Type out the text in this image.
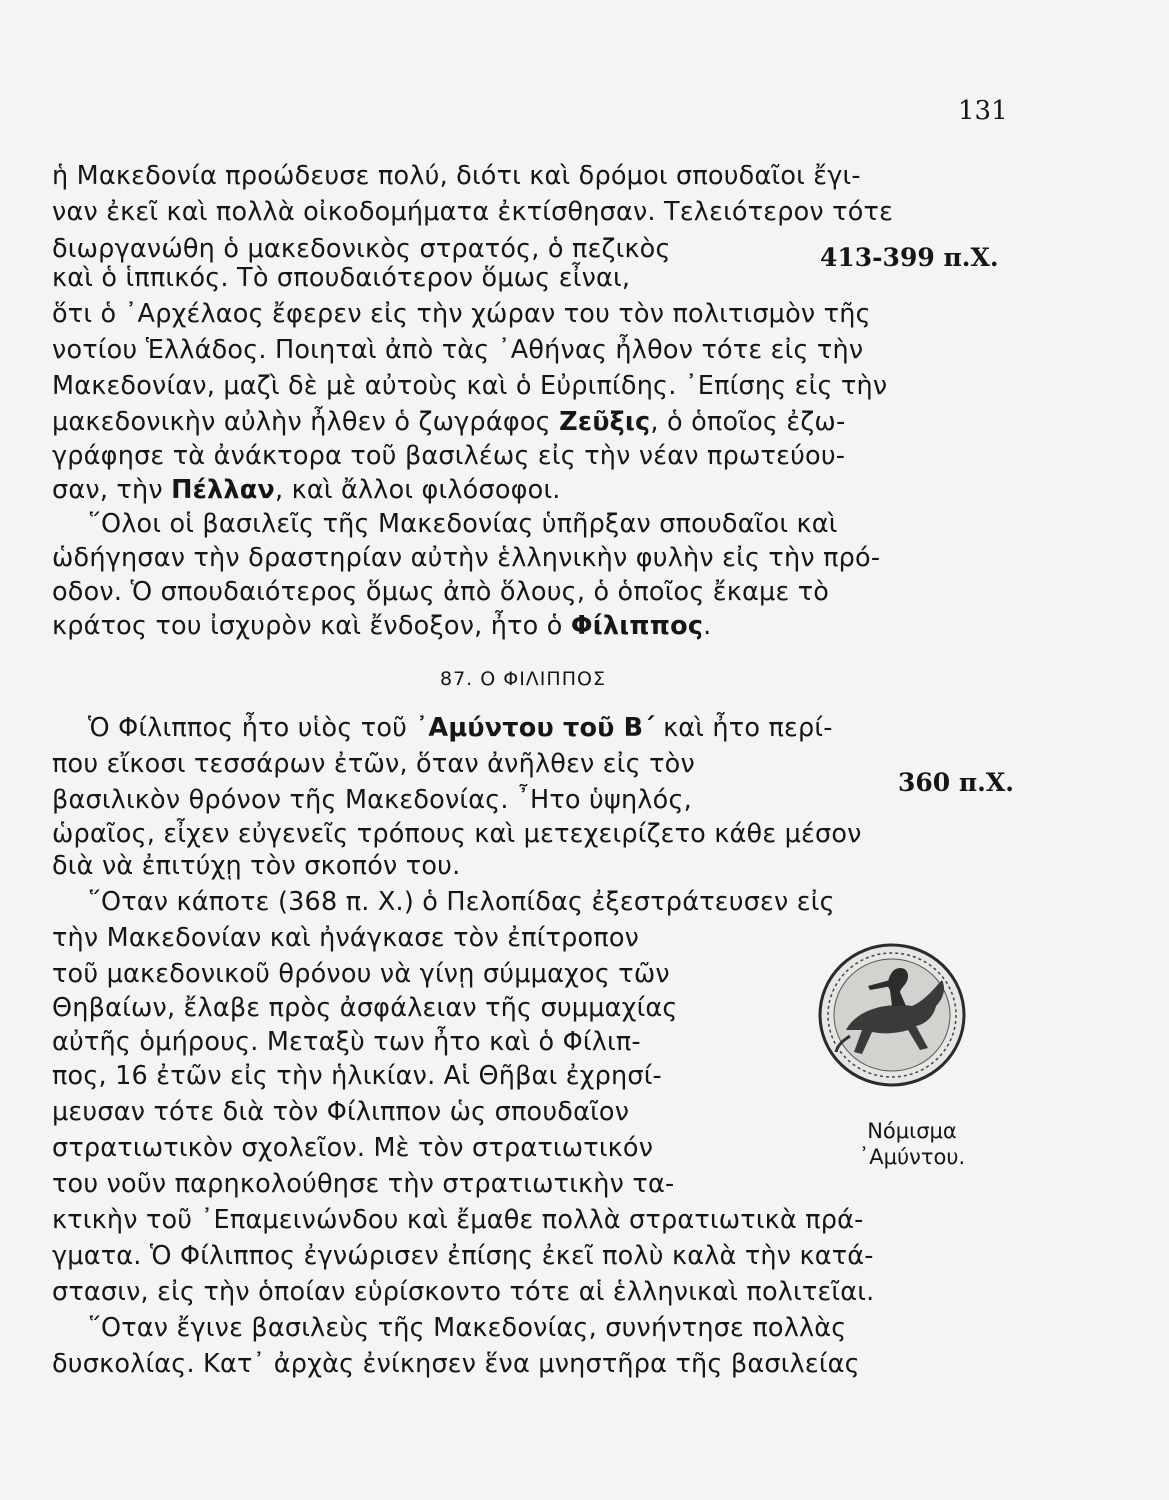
131
ἡ Μακεδονία προώδευσε πολύ, διότι καὶ δρόμοι σπουδαῖοι ἔγι-
ναν ἐκεῖ καὶ πολλὰ οἰκοδομήματα ἐκτίσθησαν. Τελειότερον τότε
διωργανώθη ὁ μακεδονικὸς στρατός, ὁ πεζικὸς
καὶ ὁ ἱππικός. Τὸ σπουδαιότερον ὅμως εἶναι,
413-399 π.Χ.
ὅτι ὁ ᾿Αρχέλαος ἔφερεν εἰς τὴν χώραν του τὸν πολιτισμὸν τῆς
νοτίου Ἑλλάδος. Ποιηταὶ ἀπὸ τὰς ᾿Αθήνας ἦλθον τότε εἰς τὴν
Μακεδονίαν, μαζὶ δὲ μὲ αὐτοὺς καὶ ὁ Εὐριπίδης. ᾿Επίσης εἰς τὴν
μακεδονικὴν αὐλὴν ἦλθεν ὁ ζωγράφος Ζεῦξις, ὁ ὁποῖος ἐζω-
γράφησε τὰ ἀνάκτορα τοῦ βασιλέως εἰς τὴν νέαν πρωτεύου-
σαν, τὴν Πέλλαν, καὶ ἄλλοι φιλόσοφοι.
῞Ολοι οἱ βασιλεῖς τῆς Μακεδονίας ὑπῆρξαν σπουδαῖοι καὶ
ὡδήγησαν τὴν δραστηρίαν αὐτὴν ἑλληνικὴν φυλὴν εἰς τὴν πρό-
οδον. Ὁ σπουδαιότερος ὅμως ἀπὸ ὅλους, ὁ ὁποῖος ἔκαμε τὸ
κράτος του ἰσχυρὸν καὶ ἔνδοξον, ἦτο ὁ Φίλιππος.
87. Ο ΦΙΛΙΠΠΟΣ
Ὁ Φίλιππος ἦτο υἱὸς τοῦ ᾿Αμύντου τοῦ Β΄ καὶ ἦτο περί-
που εἴκοσι τεσσάρων ἐτῶν, ὅταν ἀνῆλθεν εἰς τὸν
βασιλικὸν θρόνον τῆς Μακεδονίας. ῏Ητο ὑψηλός,
360 π.Χ.
ὡραῖος, εἶχεν εὐγενεῖς τρόπους καὶ μετεχειρίζετο κάθε μέσον
διὰ νὰ ἐπιτύχῃ τὸν σκοπόν του.
῞Οταν κάποτε (368 π. Χ.) ὁ Πελοπίδας ἐξεστράτευσεν εἰς
τὴν Μακεδονίαν καὶ ἠνάγκασε τὸν ἐπίτροπον
τοῦ μακεδονικοῦ θρόνου νὰ γίνῃ σύμμαχος τῶν
Θηβαίων, ἔλαβε πρὸς ἀσφάλειαν τῆς συμμαχίας
αὐτῆς ὁμήρους. Μεταξὺ των ἦτο καὶ ὁ Φίλιπ-
πος, 16 ἐτῶν εἰς τὴν ἡλικίαν. Αἱ Θῆβαι ἐχρησί-
μευσαν τότε διὰ τὸν Φίλιππον ὡς σπουδαῖον
στρατιωτικὸν σχολεῖον. Μὲ τὸν στρατιωτικόν
του νοῦν παρηκολούθησε τὴν στρατιωτικὴν τα-
κτικὴν τοῦ ᾿Επαμεινώνδου καὶ ἔμαθε πολλὰ στρατιωτικὰ πρά-
γματα. Ὁ Φίλιππος ἐγνώρισεν ἐπίσης ἐκεῖ πολὺ καλὰ τὴν κατά-
στασιν, εἰς τὴν ὁποίαν εὑρίσκοντο τότε αἱ ἑλληνικαὶ πολιτεῖαι.
Νόμισμα
᾿Αμύντου.
῞Οταν ἔγινε βασιλεὺς τῆς Μακεδονίας, συνήντησε πολλὰς
δυσκολίας. Κατ᾿ ἀρχὰς ἐνίκησεν ἕνα μνηστῆρα τῆς βασιλείας
